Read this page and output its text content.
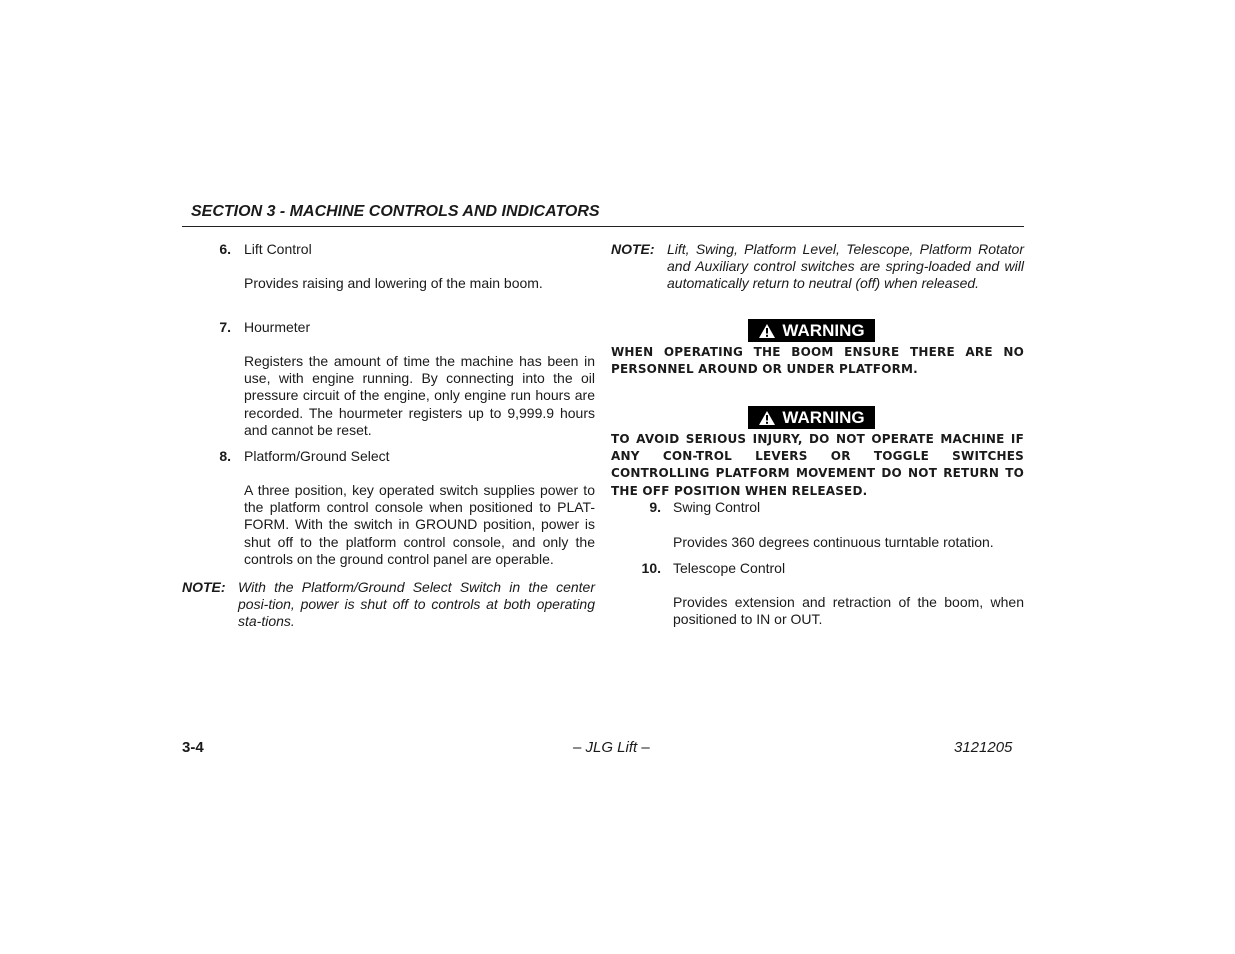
SECTION 3 - MACHINE CONTROLS AND INDICATORS
6. Lift Control
Provides raising and lowering of the main boom.
7. Hourmeter
Registers the amount of time the machine has been in use, with engine running. By connecting into the oil pressure circuit of the engine, only engine run hours are recorded. The hourmeter registers up to 9,999.9 hours and cannot be reset.
8. Platform/Ground Select
A three position, key operated switch supplies power to the platform control console when positioned to PLAT-FORM. With the switch in GROUND position, power is shut off to the platform control console, and only the controls on the ground control panel are operable.
NOTE: With the Platform/Ground Select Switch in the center posi-tion, power is shut off to controls at both operating sta-tions.
NOTE: Lift, Swing, Platform Level, Telescope, Platform Rotator and Auxiliary control switches are spring-loaded and will automatically return to neutral (off) when released.
WARNING
WHEN OPERATING THE BOOM ENSURE THERE ARE NO PERSONNEL AROUND OR UNDER PLATFORM.
WARNING
TO AVOID SERIOUS INJURY, DO NOT OPERATE MACHINE IF ANY CON-TROL LEVERS OR TOGGLE SWITCHES CONTROLLING PLATFORM MOVEMENT DO NOT RETURN TO THE OFF POSITION WHEN RELEASED.
9. Swing Control
Provides 360 degrees continuous turntable rotation.
10. Telescope Control
Provides extension and retraction of the boom, when positioned to IN or OUT.
3-4	– JLG Lift –	3121205
